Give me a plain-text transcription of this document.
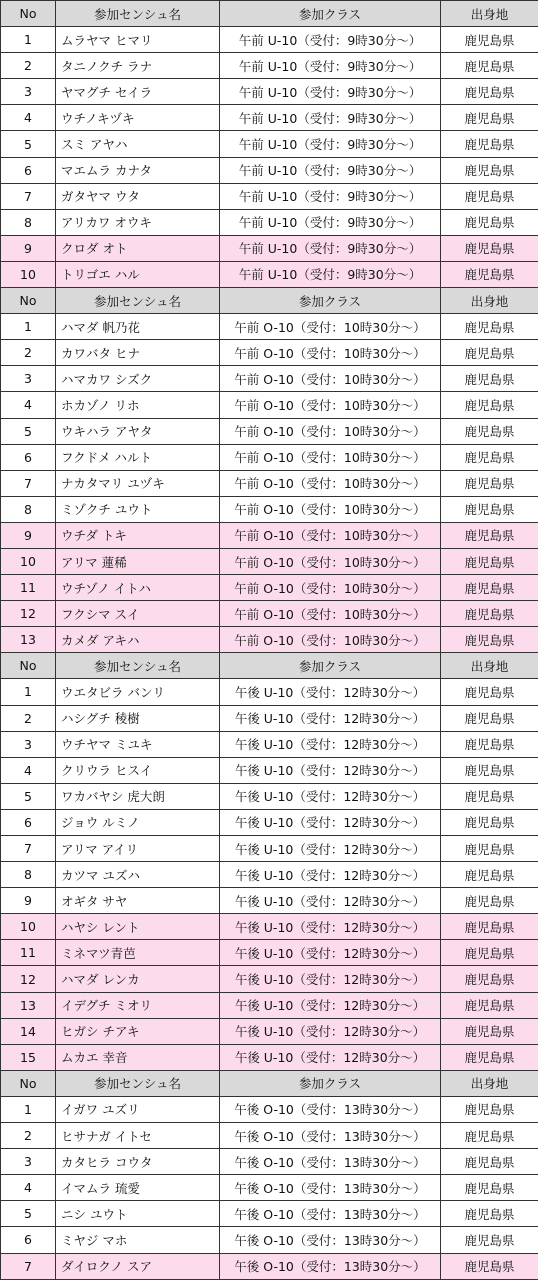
No	参加センシュ名	参加クラス	出身地
1	ムラヤマ ヒマリ	午前 U-10（受付：9時30分〜）	鹿児島県
2	タニノクチ ラナ	午前 U-10（受付：9時30分〜）	鹿児島県
3	ヤマグチ セイラ	午前 U-10（受付：9時30分〜）	鹿児島県
4	ウチノキヅキ	午前 U-10（受付：9時30分〜）	鹿児島県
5	スミ アヤハ	午前 U-10（受付：9時30分〜）	鹿児島県
6	マエムラ カナタ	午前 U-10（受付：9時30分〜）	鹿児島県
7	ガタヤマ ウタ	午前 U-10（受付：9時30分〜）	鹿児島県
8	アリカワ オウキ	午前 U-10（受付：9時30分〜）	鹿児島県
9	クロダ オト	午前 U-10（受付：9時30分〜）	鹿児島県
10	トリゴエ ハル	午前 U-10（受付：9時30分〜）	鹿児島県
No	参加センシュ名	参加クラス	出身地
1	ハマダ 帆乃花	午前 O-10（受付：10時30分〜）	鹿児島県
2	カワバタ ヒナ	午前 O-10（受付：10時30分〜）	鹿児島県
3	ハマカワ シズク	午前 O-10（受付：10時30分〜）	鹿児島県
4	ホカゾノ リホ	午前 O-10（受付：10時30分〜）	鹿児島県
5	ウキハラ アヤタ	午前 O-10（受付：10時30分〜）	鹿児島県
6	フクドメ ハルト	午前 O-10（受付：10時30分〜）	鹿児島県
7	ナカタマリ ユヅキ	午前 O-10（受付：10時30分〜）	鹿児島県
8	ミゾクチ ユウト	午前 O-10（受付：10時30分〜）	鹿児島県
9	ウチダ トキ	午前 O-10（受付：10時30分〜）	鹿児島県
10	アリマ 蓮稀	午前 O-10（受付：10時30分〜）	鹿児島県
11	ウチゾノ イトハ	午前 O-10（受付：10時30分〜）	鹿児島県
12	フクシマ スイ	午前 O-10（受付：10時30分〜）	鹿児島県
13	カメダ アキハ	午前 O-10（受付：10時30分〜）	鹿児島県
No	参加センシュ名	参加クラス	出身地
1	ウエタビラ バンリ	午後 U-10（受付：12時30分〜）	鹿児島県
2	ハシグチ 稜樹	午後 U-10（受付：12時30分〜）	鹿児島県
3	ウチヤマ ミユキ	午後 U-10（受付：12時30分〜）	鹿児島県
4	クリウラ ヒスイ	午後 U-10（受付：12時30分〜）	鹿児島県
5	ワカバヤシ 虎大朗	午後 U-10（受付：12時30分〜）	鹿児島県
6	ジョウ ルミノ	午後 U-10（受付：12時30分〜）	鹿児島県
7	アリマ アイリ	午後 U-10（受付：12時30分〜）	鹿児島県
8	カツマ ユズハ	午後 U-10（受付：12時30分〜）	鹿児島県
9	オギタ サヤ	午後 U-10（受付：12時30分〜）	鹿児島県
10	ハヤシ レント	午後 U-10（受付：12時30分〜）	鹿児島県
11	ミネマツ青芭	午後 U-10（受付：12時30分〜）	鹿児島県
12	ハマダ レンカ	午後 U-10（受付：12時30分〜）	鹿児島県
13	イデグチ ミオリ	午後 U-10（受付：12時30分〜）	鹿児島県
14	ヒガシ チアキ	午後 U-10（受付：12時30分〜）	鹿児島県
15	ムカエ 幸音	午後 U-10（受付：12時30分〜）	鹿児島県
No	参加センシュ名	参加クラス	出身地
1	イガワ ユズリ	午後 O-10（受付：13時30分〜）	鹿児島県
2	ヒサナガ イトセ	午後 O-10（受付：13時30分〜）	鹿児島県
3	カタヒラ コウタ	午後 O-10（受付：13時30分〜）	鹿児島県
4	イマムラ 琉愛	午後 O-10（受付：13時30分〜）	鹿児島県
5	ニシ ユウト	午後 O-10（受付：13時30分〜）	鹿児島県
6	ミヤジ マホ	午後 O-10（受付：13時30分〜）	鹿児島県
7	ダイロクノ スア	午後 O-10（受付：13時30分〜）	鹿児島県
